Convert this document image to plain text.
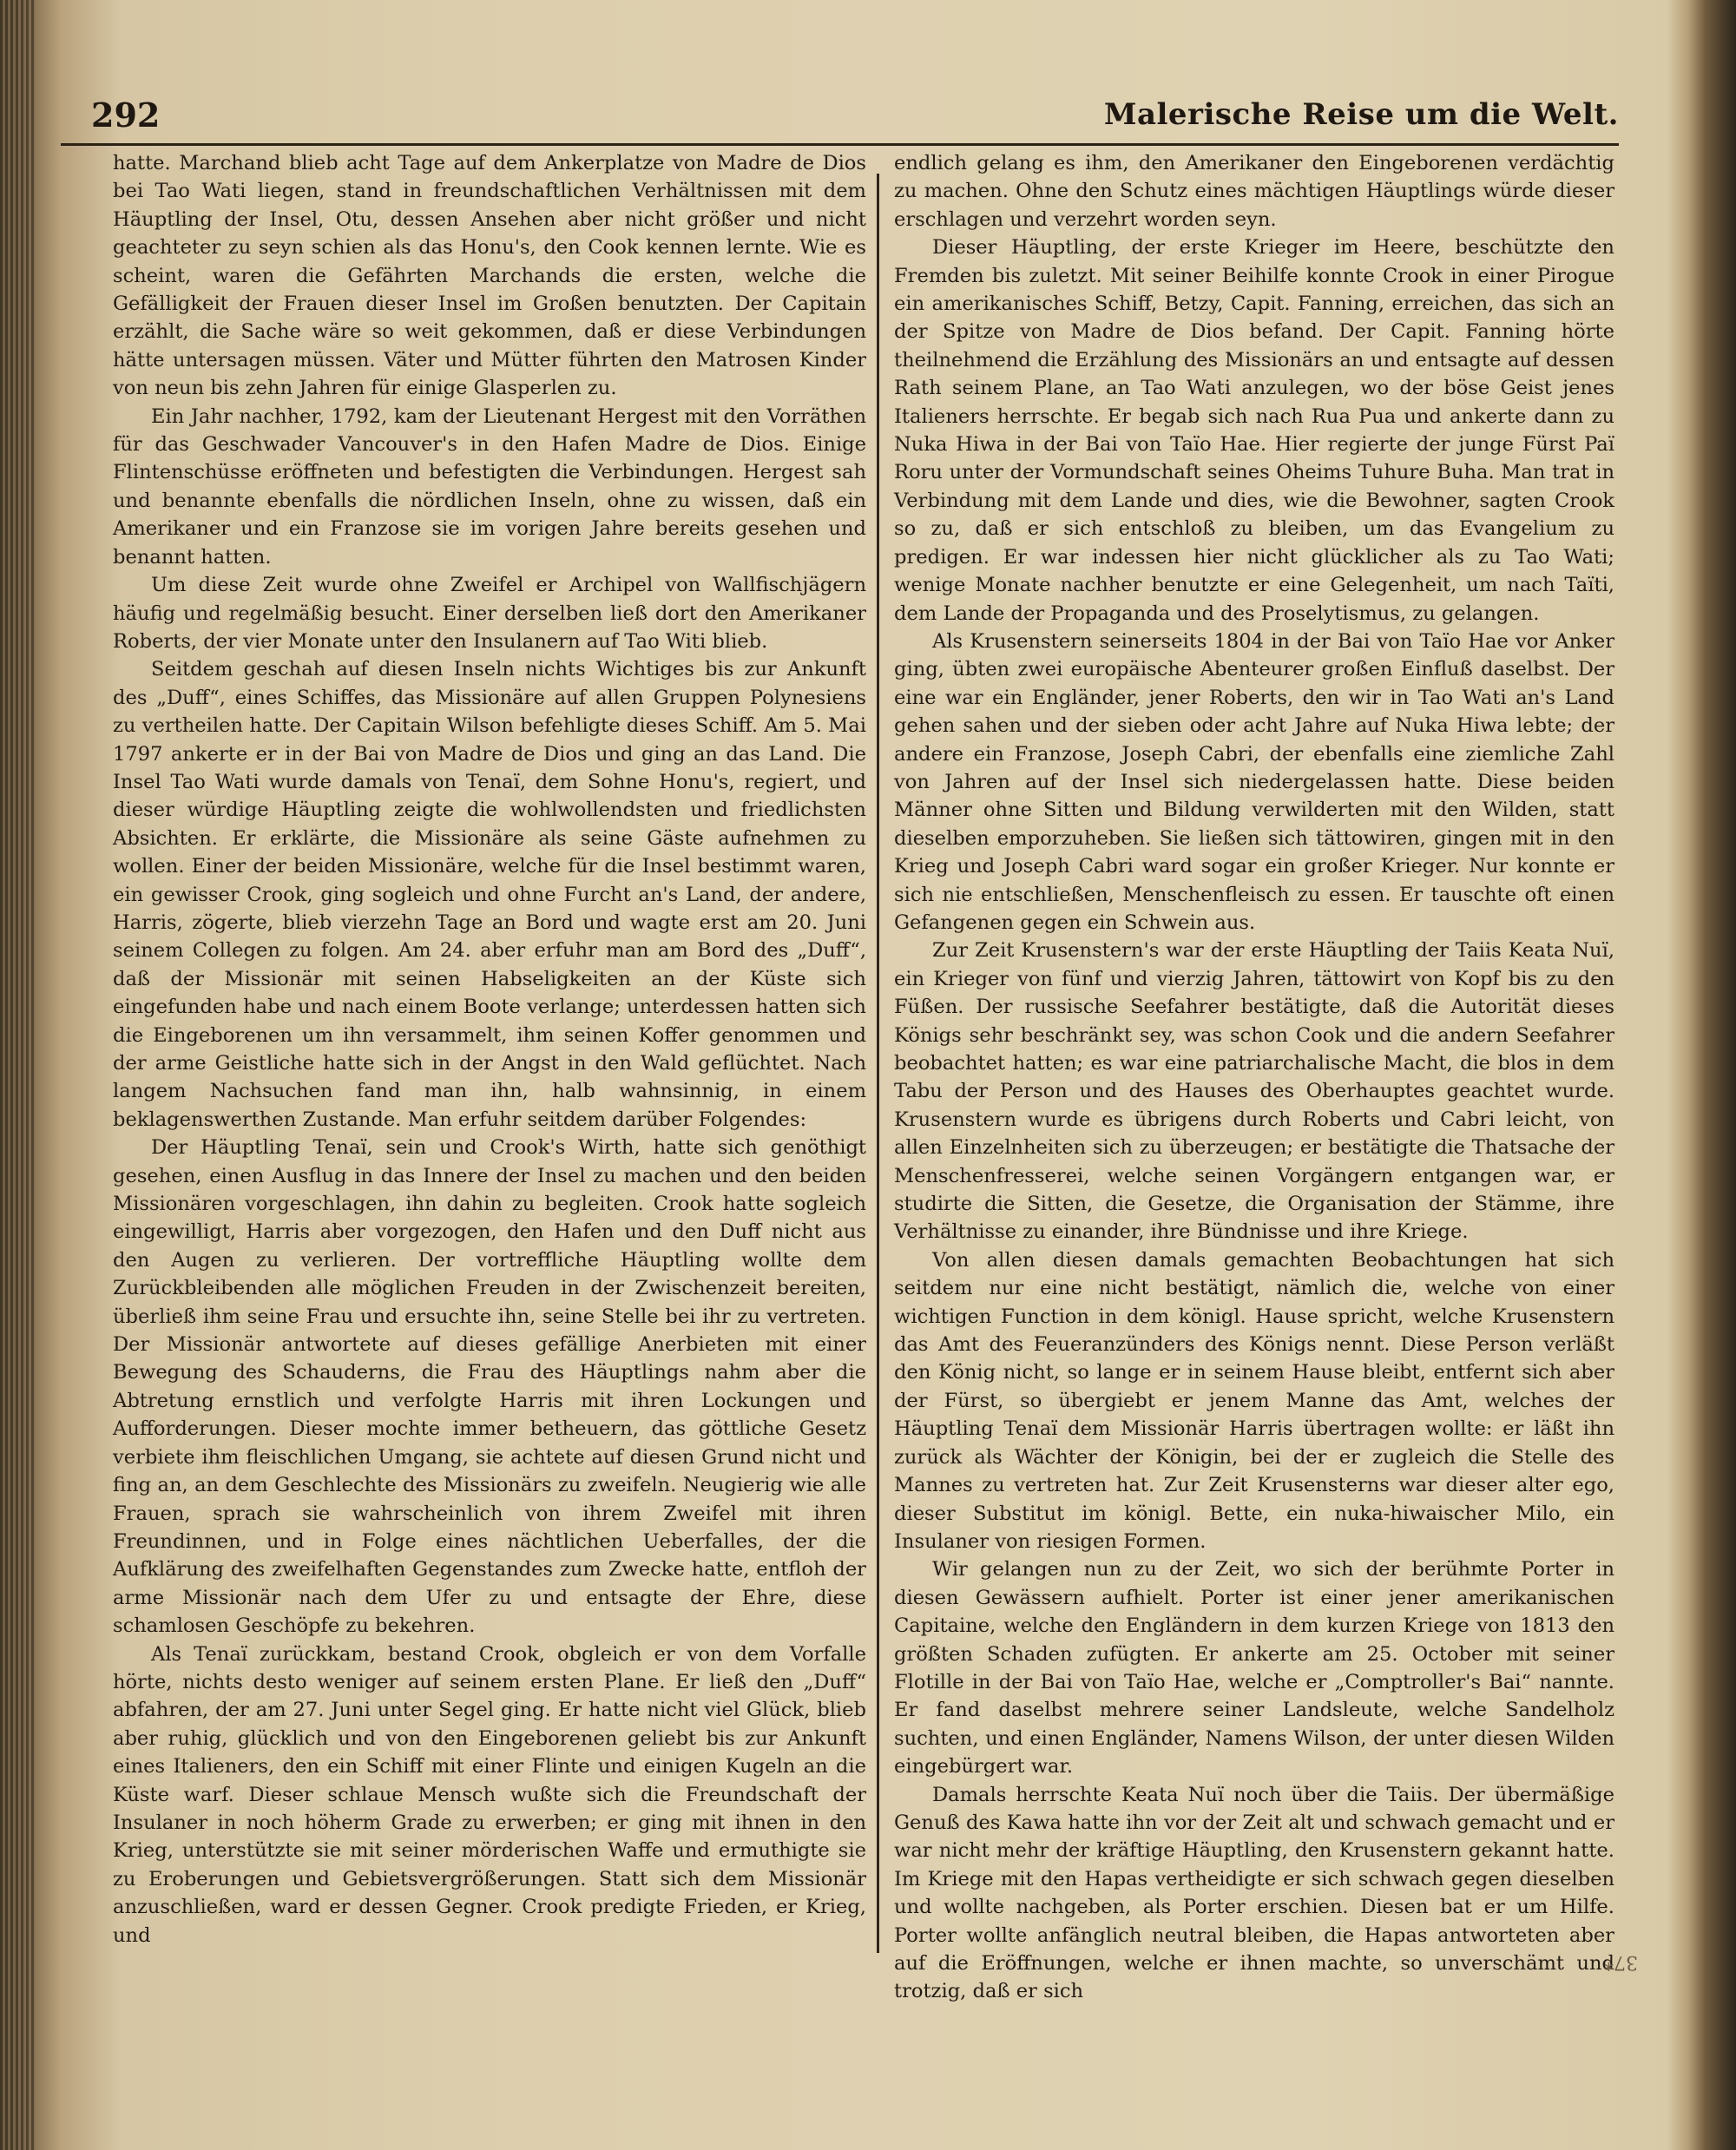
292	Malerische Reise um die Welt.

hatte. Marchand blieb acht Tage auf dem Ankerplatze von Madre de Dios bei Tao Wati liegen, stand in freundschaftlichen Verhältnissen mit dem Häuptling der Insel, Otu, dessen Ansehen aber nicht größer und nicht geachteter zu seyn schien als das Honu's, den Cook kennen lernte. Wie es scheint, waren die Gefährten Marchands die ersten, welche die Gefälligkeit der Frauen dieser Insel im Großen benutzten. Der Capitain erzählt, die Sache wäre so weit gekommen, daß er diese Verbindungen hätte untersagen müssen. Väter und Mütter führten den Matrosen Kinder von neun bis zehn Jahren für einige Glasperlen zu.

Ein Jahr nachher, 1792, kam der Lieutenant Hergest mit den Vorräthen für das Geschwader Vancouver's in den Hafen Madre de Dios. Einige Flintenschüsse eröffneten und befestigten die Verbindungen. Hergest sah und benannte ebenfalls die nördlichen Inseln, ohne zu wissen, daß ein Amerikaner und ein Franzose sie im vorigen Jahre bereits gesehen und benannt hatten.

Um diese Zeit wurde ohne Zweifel er Archipel von Wallfischjägern häufig und regelmäßig besucht. Einer derselben ließ dort den Amerikaner Roberts, der vier Monate unter den Insulanern auf Tao Witi blieb.

Seitdem geschah auf diesen Inseln nichts Wichtiges bis zur Ankunft des „Duff“, eines Schiffes, das Missionäre auf allen Gruppen Polynesiens zu vertheilen hatte. Der Capitain Wilson befehligte dieses Schiff. Am 5. Mai 1797 ankerte er in der Bai von Madre de Dios und ging an das Land. Die Insel Tao Wati wurde damals von Tenaï, dem Sohne Honu's, regiert, und dieser würdige Häuptling zeigte die wohlwollendsten und friedlichsten Absichten. Er erklärte, die Missionäre als seine Gäste aufnehmen zu wollen. Einer der beiden Missionäre, welche für die Insel bestimmt waren, ein gewisser Crook, ging sogleich und ohne Furcht an's Land, der andere, Harris, zögerte, blieb vierzehn Tage an Bord und wagte erst am 20. Juni seinem Collegen zu folgen. Am 24. aber erfuhr man am Bord des „Duff“, daß der Missionär mit seinen Habseligkeiten an der Küste sich eingefunden habe und nach einem Boote verlange; unterdessen hatten sich die Eingeborenen um ihn versammelt, ihm seinen Koffer genommen und der arme Geistliche hatte sich in der Angst in den Wald geflüchtet. Nach langem Nachsuchen fand man ihn, halb wahnsinnig, in einem beklagenswerthen Zustande. Man erfuhr seitdem darüber Folgendes:

Der Häuptling Tenaï, sein und Crook's Wirth, hatte sich genöthigt gesehen, einen Ausflug in das Innere der Insel zu machen und den beiden Missionären vorgeschlagen, ihn dahin zu begleiten. Crook hatte sogleich eingewilligt, Harris aber vorgezogen, den Hafen und den Duff nicht aus den Augen zu verlieren. Der vortreffliche Häuptling wollte dem Zurückbleibenden alle möglichen Freuden in der Zwischenzeit bereiten, überließ ihm seine Frau und ersuchte ihn, seine Stelle bei ihr zu vertreten. Der Missionär antwortete auf dieses gefällige Anerbieten mit einer Bewegung des Schauderns, die Frau des Häuptlings nahm aber die Abtretung ernstlich und verfolgte Harris mit ihren Lockungen und Aufforderungen. Dieser mochte immer betheuern, das göttliche Gesetz verbiete ihm fleischlichen Umgang, sie achtete auf diesen Grund nicht und fing an, an dem Geschlechte des Missionärs zu zweifeln. Neugierig wie alle Frauen, sprach sie wahrscheinlich von ihrem Zweifel mit ihren Freundinnen, und in Folge eines nächtlichen Ueberfalles, der die Aufklärung des zweifelhaften Gegenstandes zum Zwecke hatte, entfloh der arme Missionär nach dem Ufer zu und entsagte der Ehre, diese schamlosen Geschöpfe zu bekehren.

Als Tenaï zurückkam, bestand Crook, obgleich er von dem Vorfalle hörte, nichts desto weniger auf seinem ersten Plane. Er ließ den „Duff“ abfahren, der am 27. Juni unter Segel ging. Er hatte nicht viel Glück, blieb aber ruhig, glücklich und von den Eingeborenen geliebt bis zur Ankunft eines Italieners, den ein Schiff mit einer Flinte und einigen Kugeln an die Küste warf. Dieser schlaue Mensch wußte sich die Freundschaft der Insulaner in noch höherm Grade zu erwerben; er ging mit ihnen in den Krieg, unterstützte sie mit seiner mörderischen Waffe und ermuthigte sie zu Eroberungen und Gebietsvergrößerungen. Statt sich dem Missionär anzuschließen, ward er dessen Gegner. Crook predigte Frieden, er Krieg, und

endlich gelang es ihm, den Amerikaner den Eingeborenen verdächtig zu machen. Ohne den Schutz eines mächtigen Häuptlings würde dieser erschlagen und verzehrt worden seyn.

Dieser Häuptling, der erste Krieger im Heere, beschützte den Fremden bis zuletzt. Mit seiner Beihilfe konnte Crook in einer Pirogue ein amerikanisches Schiff, Betzy, Capit. Fanning, erreichen, das sich an der Spitze von Madre de Dios befand. Der Capit. Fanning hörte theilnehmend die Erzählung des Missionärs an und entsagte auf dessen Rath seinem Plane, an Tao Wati anzulegen, wo der böse Geist jenes Italieners herrschte. Er begab sich nach Rua Pua und ankerte dann zu Nuka Hiwa in der Bai von Taïo Hae. Hier regierte der junge Fürst Paï Roru unter der Vormundschaft seines Oheims Tuhure Buha. Man trat in Verbindung mit dem Lande und dies, wie die Bewohner, sagten Crook so zu, daß er sich entschloß zu bleiben, um das Evangelium zu predigen. Er war indessen hier nicht glücklicher als zu Tao Wati; wenige Monate nachher benutzte er eine Gelegenheit, um nach Taïti, dem Lande der Propaganda und des Proselytismus, zu gelangen.

Als Krusenstern seinerseits 1804 in der Bai von Taïo Hae vor Anker ging, übten zwei europäische Abenteurer großen Einfluß daselbst. Der eine war ein Engländer, jener Roberts, den wir in Tao Wati an's Land gehen sahen und der sieben oder acht Jahre auf Nuka Hiwa lebte; der andere ein Franzose, Joseph Cabri, der ebenfalls eine ziemliche Zahl von Jahren auf der Insel sich niedergelassen hatte. Diese beiden Männer ohne Sitten und Bildung verwilderten mit den Wilden, statt dieselben emporzuheben. Sie ließen sich tättowiren, gingen mit in den Krieg und Joseph Cabri ward sogar ein großer Krieger. Nur konnte er sich nie entschließen, Menschenfleisch zu essen. Er tauschte oft einen Gefangenen gegen ein Schwein aus.

Zur Zeit Krusenstern's war der erste Häuptling der Taiis Keata Nuï, ein Krieger von fünf und vierzig Jahren, tättowirt von Kopf bis zu den Füßen. Der russische Seefahrer bestätigte, daß die Autorität dieses Königs sehr beschränkt sey, was schon Cook und die andern Seefahrer beobachtet hatten; es war eine patriarchalische Macht, die blos in dem Tabu der Person und des Hauses des Oberhauptes geachtet wurde. Krusenstern wurde es übrigens durch Roberts und Cabri leicht, von allen Einzelnheiten sich zu überzeugen; er bestätigte die Thatsache der Menschenfresserei, welche seinen Vorgängern entgangen war, er studirte die Sitten, die Gesetze, die Organisation der Stämme, ihre Verhältnisse zu einander, ihre Bündnisse und ihre Kriege.

Von allen diesen damals gemachten Beobachtungen hat sich seitdem nur eine nicht bestätigt, nämlich die, welche von einer wichtigen Function in dem königl. Hause spricht, welche Krusenstern das Amt des Feueranzünders des Königs nennt. Diese Person verläßt den König nicht, so lange er in seinem Hause bleibt, entfernt sich aber der Fürst, so übergiebt er jenem Manne das Amt, welches der Häuptling Tenaï dem Missionär Harris übertragen wollte: er läßt ihn zurück als Wächter der Königin, bei der er zugleich die Stelle des Mannes zu vertreten hat. Zur Zeit Krusensterns war dieser alter ego, dieser Substitut im königl. Bette, ein nuka-hiwaischer Milo, ein Insulaner von riesigen Formen.

Wir gelangen nun zu der Zeit, wo sich der berühmte Porter in diesen Gewässern aufhielt. Porter ist einer jener amerikanischen Capitaine, welche den Engländern in dem kurzen Kriege von 1813 den größten Schaden zufügten. Er ankerte am 25. October mit seiner Flotille in der Bai von Taïo Hae, welche er „Comptroller's Bai“ nannte. Er fand daselbst mehrere seiner Landsleute, welche Sandelholz suchten, und einen Engländer, Namens Wilson, der unter diesen Wilden eingebürgert war.

Damals herrschte Keata Nuï noch über die Taiis. Der übermäßige Genuß des Kawa hatte ihn vor der Zeit alt und schwach gemacht und er war nicht mehr der kräftige Häuptling, den Krusenstern gekannt hatte. Im Kriege mit den Hapas vertheidigte er sich schwach gegen dieselben und wollte nachgeben, als Porter erschien. Diesen bat er um Hilfe. Porter wollte anfänglich neutral bleiben, die Hapas antworteten aber auf die Eröffnungen, welche er ihnen machte, so unverschämt und trotzig, daß er sich

37*
